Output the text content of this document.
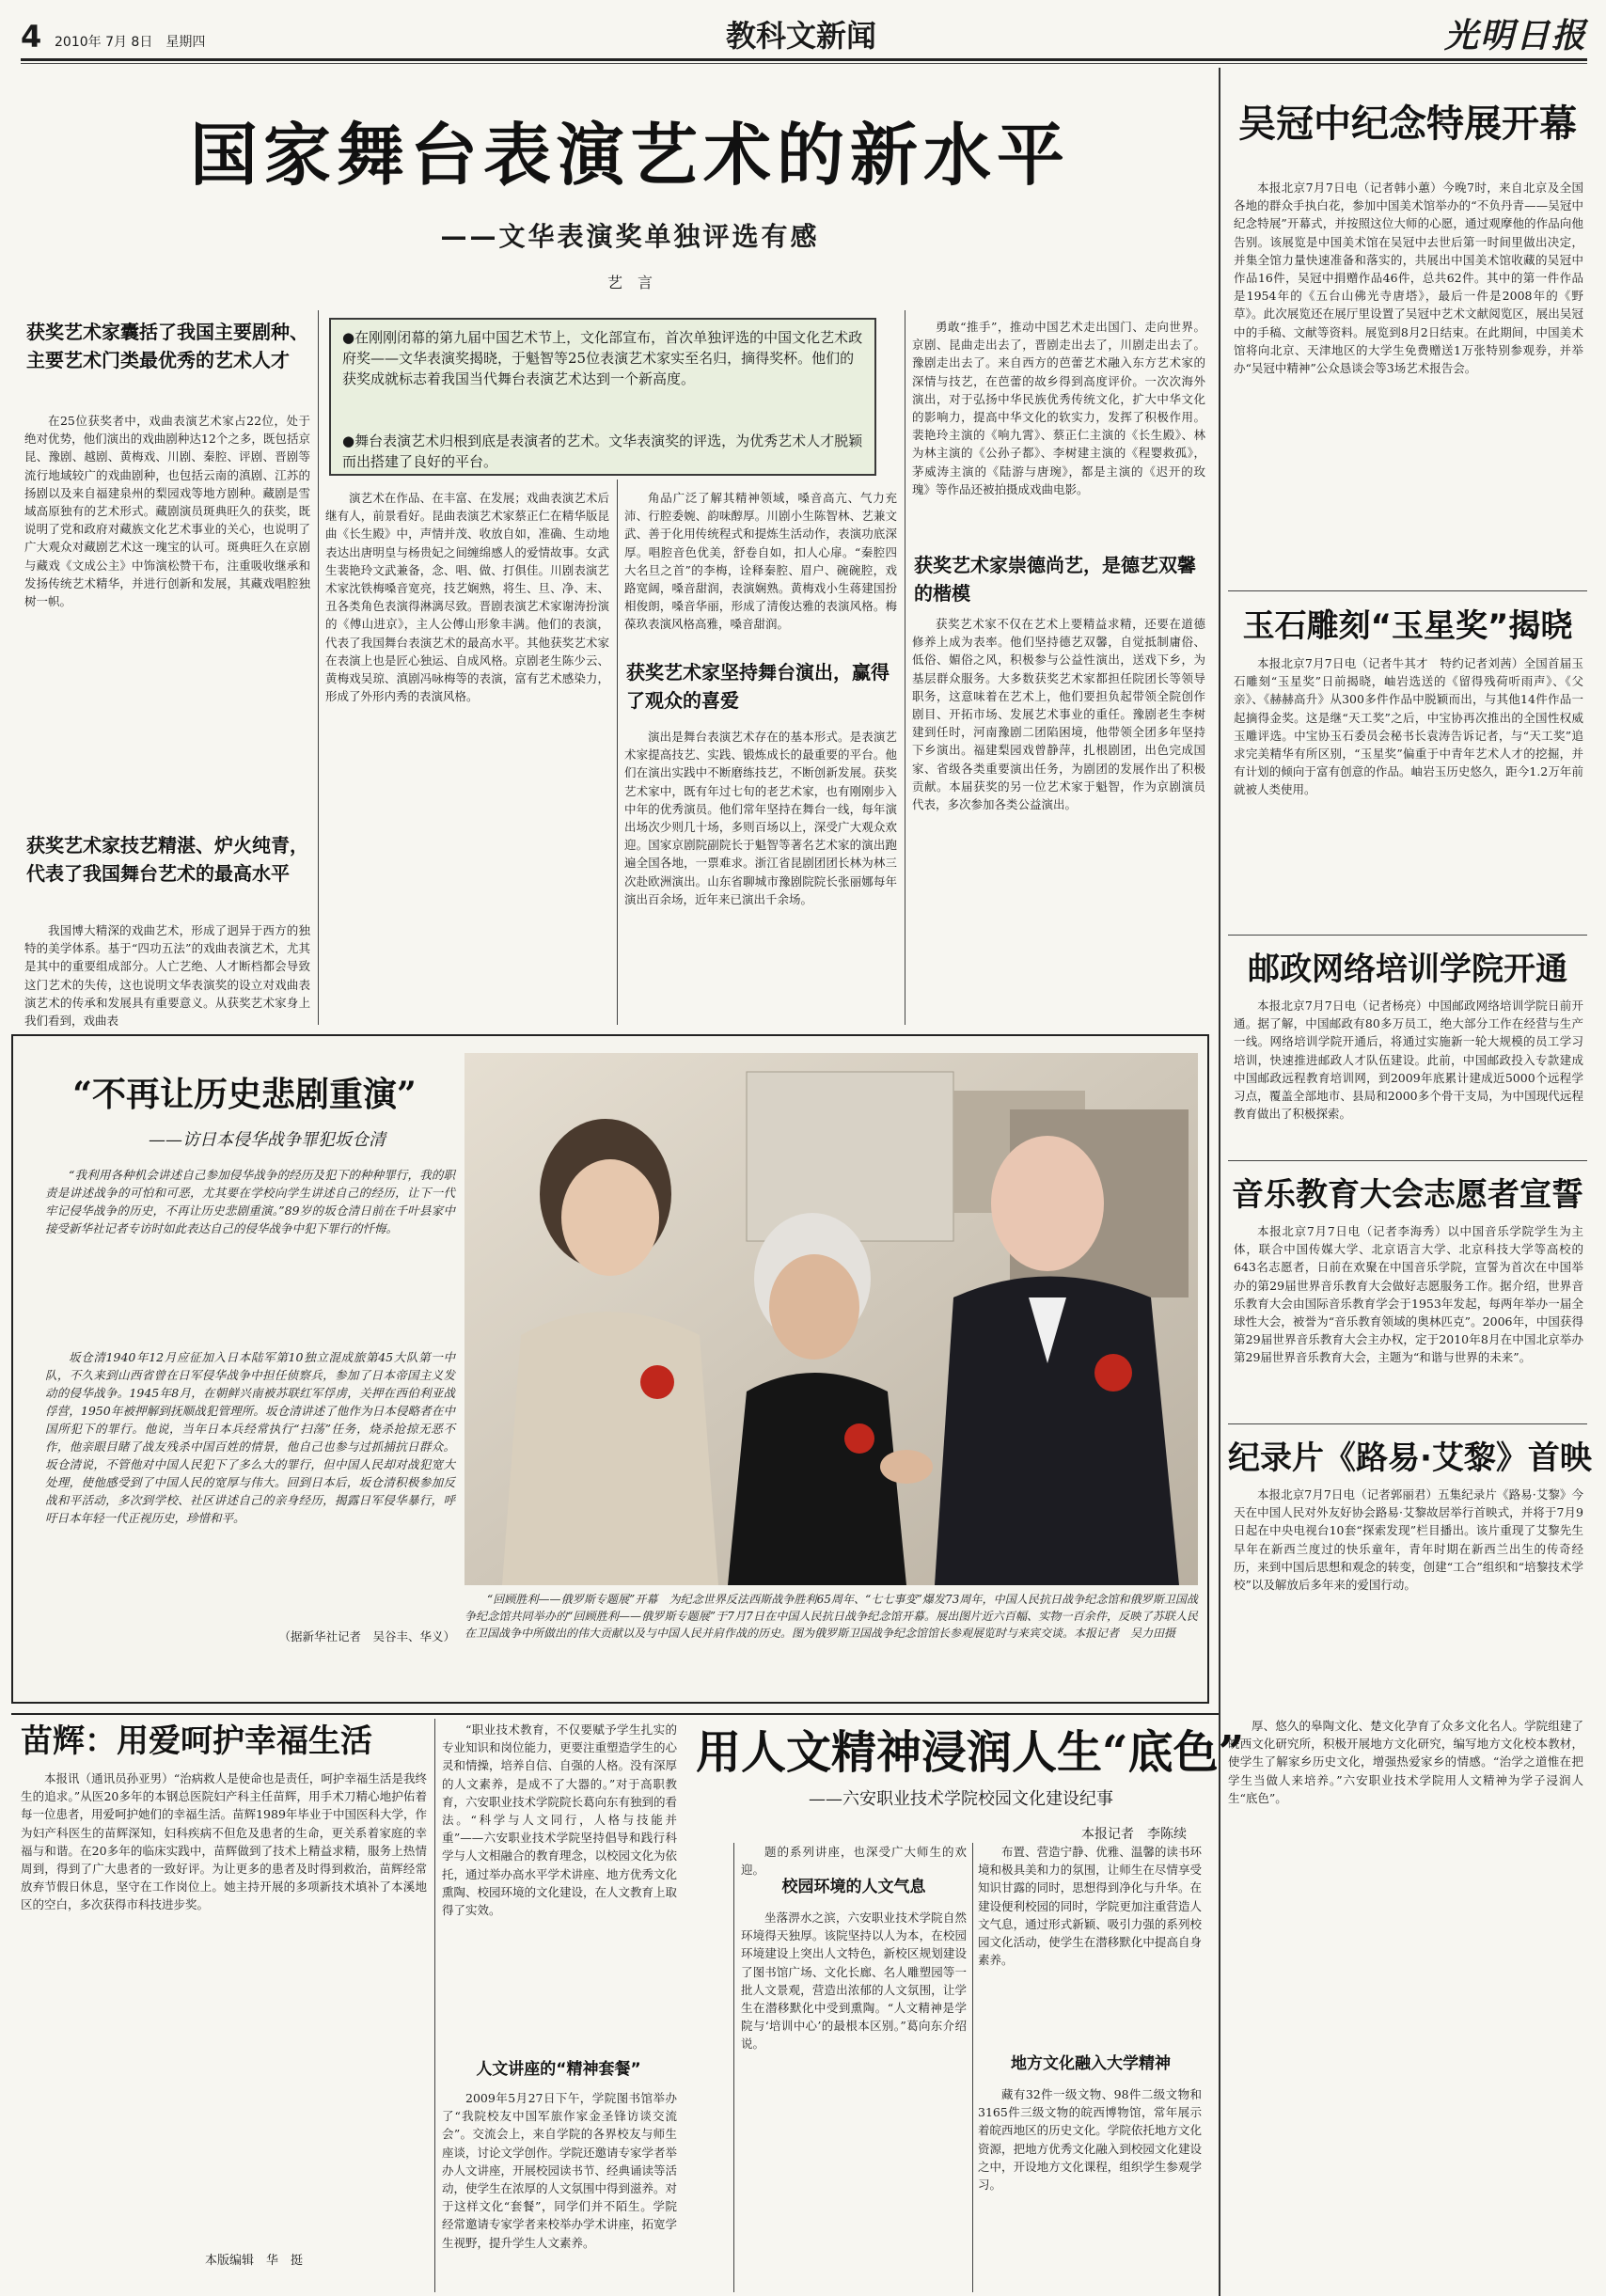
4 2010年 7月 8日　星期四	教科文新闻	光明日报
国家舞台表演艺术的新水平
——文华表演奖单独评选有感
艺　言
●在刚刚闭幕的第九届中国艺术节上，文化部宣布，首次单独评选的中国文化艺术政府奖——文华表演奖揭晓，于魁智等25位表演艺术家实至名归，摘得奖杯。他们的获奖成就标志着我国当代舞台表演艺术达到一个新高度。
●舞台表演艺术归根到底是表演者的艺术。文华表演奖的评选，为优秀艺术人才脱颖而出搭建了良好的平台。
获奖艺术家囊括了我国主要剧种、主要艺术门类最优秀的艺术人才
在25位获奖者中，戏曲表演艺术家占22位，处于绝对优势，他们演出的戏曲剧种达12个之多，既包括京昆、豫剧、越剧、黄梅戏、川剧、秦腔、评剧、晋剧等流行地域较广的戏曲剧种，也包括云南的滇剧、江苏的扬剧以及来自福建泉州的梨园戏等地方剧种。藏剧是雪域高原独有的艺术形式。藏剧演员斑典旺久的获奖，既说明了党和政府对藏族文化艺术事业的关心，也说明了广大观众对藏剧艺术这一瑰宝的认可。斑典旺久在京剧与藏戏《文成公主》中饰演松赞干布，注重吸收继承和发扬传统艺术精华，并进行创新和发展，其藏戏唱腔独树一帜。
获奖艺术家技艺精湛、炉火纯青，代表了我国舞台艺术的最高水平
我国博大精深的戏曲艺术，形成了迥异于西方的独特的美学体系。基于“四功五法”的戏曲表演艺术，尤其是其中的重要组成部分。人亡艺绝、人才断档都会导致这门艺术的失传，这也说明文华表演奖的设立对戏曲表演艺术的传承和发展具有重要意义。从获奖艺术家身上我们看到，戏曲表
演艺术在作品、在丰富、在发展；戏曲表演艺术后继有人，前景看好。昆曲表演艺术家蔡正仁在精华版昆曲《长生殿》中，声情并茂、收放自如，准确、生动地表达出唐明皇与杨贵妃之间缠绵感人的爱情故事。女武生裴艳玲文武兼备，念、唱、做、打俱佳。川剧表演艺术家沈铁梅嗓音宽亮，技艺娴熟，将生、旦、净、末、丑各类角色表演得淋漓尽致。晋剧表演艺术家谢涛扮演的《傅山进京》，主人公傅山形象丰满。他们的表演，代表了我国舞台表演艺术的最高水平。其他获奖艺术家在表演上也是匠心独运、自成风格。京剧老生陈少云、黄梅戏吴琼、滇剧冯咏梅等的表演，富有艺术感染力，形成了外形内秀的表演风格。
角品广泛了解其精神领域，嗓音高亢、气力充沛、行腔委婉、韵味醇厚。川剧小生陈智林、艺兼文武、善于化用传统程式和提炼生活动作，表演功底深厚。唱腔音色优美，舒卷自如，扣人心扉。“秦腔四大名旦之首”的李梅，诠释秦腔、眉户、碗碗腔，戏路宽阔，嗓音甜润，表演娴熟。黄梅戏小生蒋建国扮相俊朗，嗓音华丽，形成了清俊达雅的表演风格。梅葆玖表演风格高雅，嗓音甜润。
获奖艺术家坚持舞台演出，赢得了观众的喜爱
演出是舞台表演艺术存在的基本形式。是表演艺术家提高技艺、实践、锻炼成长的最重要的平台。他们在演出实践中不断磨练技艺，不断创新发展。获奖艺术家中，既有年过七旬的老艺术家，也有刚刚步入中年的优秀演员。他们常年坚持在舞台一线，每年演出场次少则几十场，多则百场以上，深受广大观众欢迎。国家京剧院副院长于魁智等著名艺术家的演出跑遍全国各地，一票难求。浙江省昆剧团团长林为林三次赴欧洲演出。山东省聊城市豫剧院院长张丽娜每年演出百余场，近年来已演出千余场。
勇敢“推手”，推动中国艺术走出国门、走向世界。京剧、昆曲走出去了，晋剧走出去了，川剧走出去了。豫剧走出去了。来自西方的芭蕾艺术融入东方艺术家的深情与技艺，在芭蕾的故乡得到高度评价。一次次海外演出，对于弘扬中华民族优秀传统文化，扩大中华文化的影响力，提高中华文化的软实力，发挥了积极作用。裴艳玲主演的《响九霄》、蔡正仁主演的《长生殿》、林为林主演的《公孙子都》、李树建主演的《程婴救孤》，茅威涛主演的《陆游与唐琬》，都是主演的《迟开的玫瑰》等作品还被拍摄成戏曲电影。
获奖艺术家崇德尚艺，是德艺双馨的楷模
获奖艺术家不仅在艺术上要精益求精，还要在道德修养上成为表率。他们坚持德艺双馨，自觉抵制庸俗、低俗、媚俗之风，积极参与公益性演出，送戏下乡，为基层群众服务。大多数获奖艺术家都担任院团长等领导职务，这意味着在艺术上，他们要担负起带领全院创作剧目、开拓市场、发展艺术事业的重任。豫剧老生李树建到任时，河南豫剧二团陷困境，他带领全团多年坚持下乡演出。福建梨园戏曾静萍，扎根剧团，出色完成国家、省级各类重要演出任务，为剧团的发展作出了积极贡献。本届获奖的另一位艺术家于魁智，作为京剧演员代表，多次参加各类公益演出。
吴冠中纪念特展开幕
本报北京7月7日电（记者韩小蕙）今晚7时，来自北京及全国各地的群众手执白花，参加中国美术馆举办的“不负丹青——吴冠中纪念特展”开幕式，并按照这位大师的心愿，通过观摩他的作品向他告别。该展览是中国美术馆在吴冠中去世后第一时间里做出决定，并集全馆力量快速准备和落实的，共展出中国美术馆收藏的吴冠中作品16件，吴冠中捐赠作品46件，总共62件。其中的第一件作品是1954年的《五台山佛光寺唐塔》，最后一件是2008年的《野草》。此次展览还在展厅里设置了吴冠中艺术文献阅览区，展出吴冠中的手稿、文献等资料。展览到8月2日结束。在此期间，中国美术馆将向北京、天津地区的大学生免费赠送1万张特别参观券，并举办“吴冠中精神”公众恳谈会等3场艺术报告会。
玉石雕刻“玉星奖”揭晓
本报北京7月7日电（记者牛其才　特约记者刘茜）全国首届玉石雕刻“玉星奖”日前揭晓，岫岩选送的《留得残荷听雨声》、《父亲》、《赫赫高升》从300多件作品中脱颖而出，与其他14件作品一起摘得金奖。这是继“天工奖”之后，中宝协再次推出的全国性权威玉雕评选。中宝协玉石委员会秘书长袁涛告诉记者，与“天工奖”追求完美精华有所区别，“玉星奖”偏重于中青年艺术人才的挖掘，并有计划的倾向于富有创意的作品。岫岩玉历史悠久，距今1.2万年前就被人类使用。
邮政网络培训学院开通
本报北京7月7日电（记者杨亮）中国邮政网络培训学院日前开通。据了解，中国邮政有80多万员工，绝大部分工作在经营与生产一线。网络培训学院开通后，将通过实施新一轮大规模的员工学习培训，快速推进邮政人才队伍建设。此前，中国邮政投入专款建成中国邮政远程教育培训网，到2009年底累计建成近5000个远程学习点，覆盖全部地市、县局和2000多个骨干支局，为中国现代远程教育做出了积极探索。
音乐教育大会志愿者宣誓
本报北京7月7日电（记者李海秀）以中国音乐学院学生为主体，联合中国传媒大学、北京语言大学、北京科技大学等高校的643名志愿者，日前在欢聚在中国音乐学院，宣誓为首次在中国举办的第29届世界音乐教育大会做好志愿服务工作。据介绍，世界音乐教育大会由国际音乐教育学会于1953年发起，每两年举办一届全球性大会，被誉为“音乐教育领域的奥林匹克”。2006年，中国获得第29届世界音乐教育大会主办权，定于2010年8月在中国北京举办第29届世界音乐教育大会，主题为“和谐与世界的未来”。
纪录片《路易·艾黎》首映
本报北京7月7日电（记者郭丽君）五集纪录片《路易·艾黎》今天在中国人民对外友好协会路易·艾黎故居举行首映式，并将于7月9日起在中央电视台10套“探索发现”栏目播出。该片重现了艾黎先生早年在新西兰度过的快乐童年，青年时期在新西兰出生的传奇经历，来到中国后思想和观念的转变，创建“工合”组织和“培黎技术学校”以及解放后多年来的爱国行动。
“不再让历史悲剧重演”
——访日本侵华战争罪犯坂仓清
“我利用各种机会讲述自己参加侵华战争的经历及犯下的种种罪行，我的职责是讲述战争的可怕和可恶，尤其要在学校向学生讲述自己的经历，让下一代牢记侵华战争的历史，不再让历史悲剧重演。”89岁的坂仓清日前在千叶县家中接受新华社记者专访时如此表达自己的侵华战争中犯下罪行的忏悔。
坂仓清1940年12月应征加入日本陆军第10独立混成旅第45大队第一中队，不久来到山西省曾在日军侵华战争中担任侦察兵，参加了日本帝国主义发动的侵华战争。1945年8月，在朝鲜兴南被苏联红军俘虏，关押在西伯利亚战俘营，1950年被押解到抚顺战犯管理所。坂仓清讲述了他作为日本侵略者在中国所犯下的罪行。他说，当年日本兵经常执行“扫荡”任务，烧杀抢掠无恶不作，他亲眼目睹了战友残杀中国百姓的情景，他自己也参与过抓捕抗日群众。坂仓清说，不管他对中国人民犯下了多么大的罪行，但中国人民却对战犯宽大处理，使他感受到了中国人民的宽厚与伟大。回到日本后，坂仓清积极参加反战和平活动，多次到学校、社区讲述自己的亲身经历，揭露日军侵华暴行，呼吁日本年轻一代正视历史，珍惜和平。
（据新华社记者　吴谷丰、华义）
“回顾胜利——俄罗斯专题展”开幕　为纪念世界反法西斯战争胜利65周年、“七七事变”爆发73周年，中国人民抗日战争纪念馆和俄罗斯卫国战争纪念馆共同举办的“回顾胜利——俄罗斯专题展”于7月7日在中国人民抗日战争纪念馆开幕。展出图片近六百幅、实物一百余件，反映了苏联人民在卫国战争中所做出的伟大贡献以及与中国人民并肩作战的历史。图为俄罗斯卫国战争纪念馆馆长参观展览时与来宾交谈。本报记者　吴力田摄
苗辉：用爱呵护幸福生活
本报讯（通讯员孙亚男）“治病救人是使命也是责任，呵护幸福生活是我终生的追求。”从医20多年的本钢总医院妇产科主任苗辉，用手术刀精心地护佑着每一位患者，用爱呵护她们的幸福生活。苗辉1989年毕业于中国医科大学，作为妇产科医生的苗辉深知，妇科疾病不但危及患者的生命，更关系着家庭的幸福与和谐。在20多年的临床实践中，苗辉做到了技术上精益求精，服务上热情周到，得到了广大患者的一致好评。为让更多的患者及时得到救治，苗辉经常放弃节假日休息，坚守在工作岗位上。她主持开展的多项新技术填补了本溪地区的空白，多次获得市科技进步奖。
本版编辑　华　挺
“职业技术教育，不仅要赋予学生扎实的专业知识和岗位能力，更要注重塑造学生的心灵和情操，培养自信、自强的人格。没有深厚的人文素养，是成不了大器的。”对于高职教育，六安职业技术学院院长葛向东有独到的看法。“科学与人文同行，人格与技能并重”——六安职业技术学院坚持倡导和践行科学与人文相融合的教育理念，以校园文化为依托，通过举办高水平学术讲座、地方优秀文化熏陶、校园环境的文化建设，在人文教育上取得了实效。
用人文精神浸润人生“底色”
——六安职业技术学院校园文化建设纪事
本报记者　李陈续
题的系列讲座，也深受广大师生的欢迎。
校园环境的人文气息
坐落淠水之滨，六安职业技术学院自然环境得天独厚。该院坚持以人为本，在校园环境建设上突出人文特色，新校区规划建设了图书馆广场、文化长廊、名人雕塑园等一批人文景观，营造出浓郁的人文氛围，让学生在潜移默化中受到熏陶。“人文精神是学院与‘培训中心’的最根本区别。”葛向东介绍说。
人文讲座的“精神套餐”
2009年5月27日下午，学院图书馆举办了“我院校友中国军旅作家金圣锋访谈交流会”。交流会上，来自学院的各界校友与师生座谈，讨论文学创作。学院还邀请专家学者举办人文讲座，开展校园读书节、经典诵读等活动，使学生在浓厚的人文氛围中得到滋养。对于这样文化“套餐”，同学们并不陌生。学院经常邀请专家学者来校举办学术讲座，拓宽学生视野，提升学生人文素养。
布置、营造宁静、优雅、温馨的读书环境和极具美和力的氛围，让师生在尽情享受知识甘露的同时，思想得到净化与升华。在建设便利校园的同时，学院更加注重营造人文气息，通过形式新颖、吸引力强的系列校园文化活动，使学生在潜移默化中提高自身素养。
地方文化融入大学精神
藏有32件一级文物、98件二级文物和3165件三级文物的皖西博物馆，常年展示着皖西地区的历史文化。学院依托地方文化资源，把地方优秀文化融入到校园文化建设之中，开设地方文化课程，组织学生参观学习。
厚、悠久的皋陶文化、楚文化孕育了众多文化名人。学院组建了皖西文化研究所，积极开展地方文化研究，编写地方文化校本教材，使学生了解家乡历史文化，增强热爱家乡的情感。“治学之道惟在把学生当做人来培养。”六安职业技术学院用人文精神为学子浸润人生“底色”。
